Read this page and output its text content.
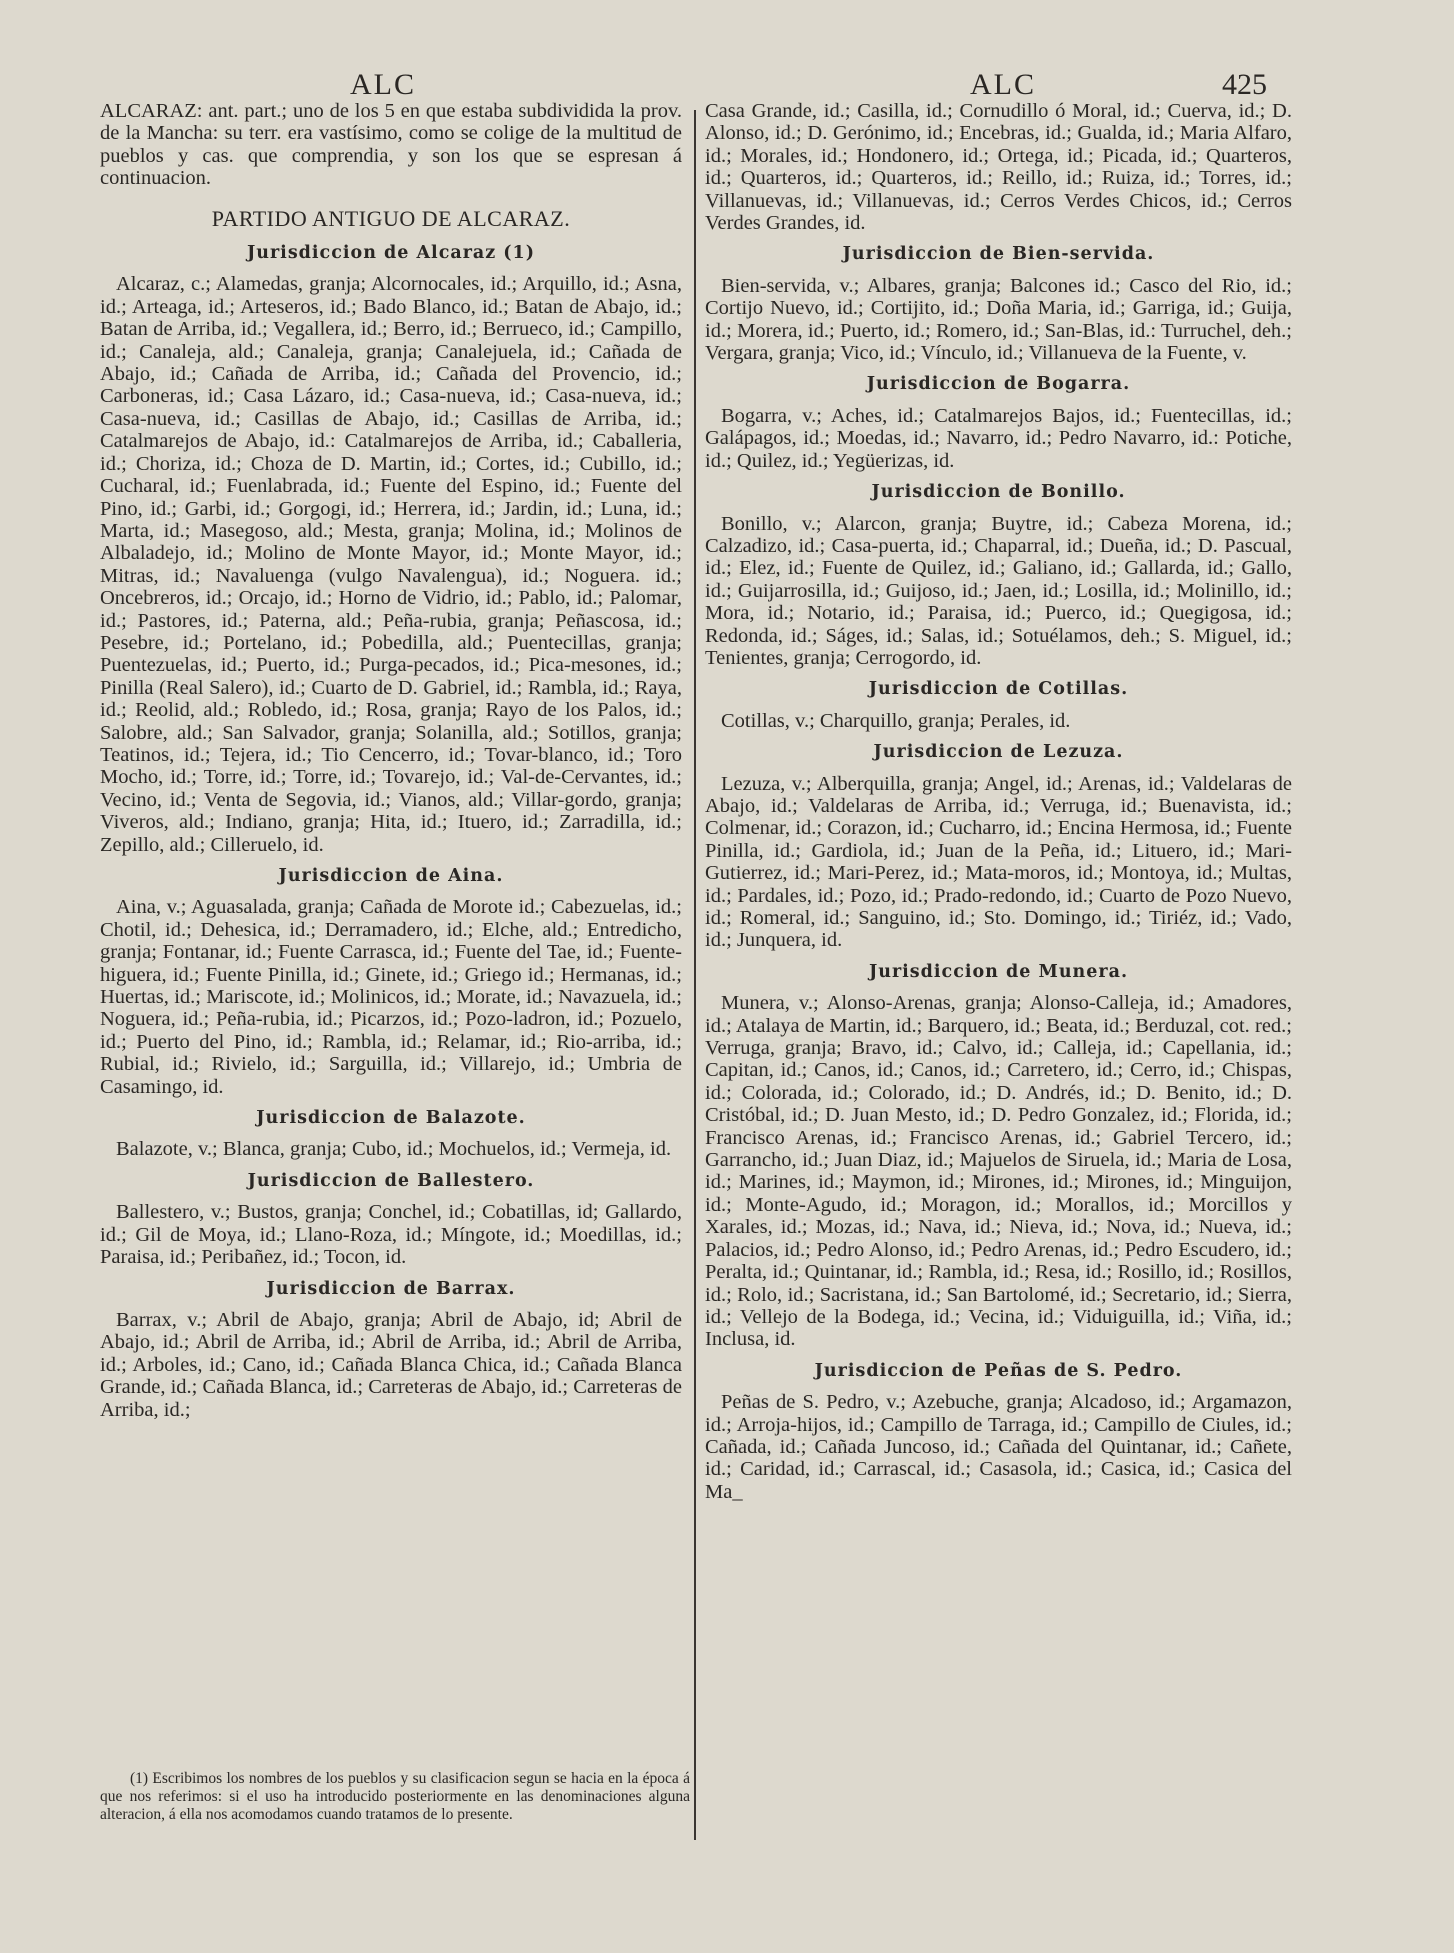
ALC	ALC	425

ALCARAZ: ant. part.; uno de los 5 en que estaba subdividida la prov. de la Mancha: su terr. era vastísimo, como se colige de la multitud de pueblos y cas. que comprendia, y son los que se espresan á continuacion.

PARTIDO ANTIGUO DE ALCARAZ.
Jurisdiccion de Alcaraz (1)

Alcaraz, c.; Alamedas, granja; Alcornocales, id.; Arquillo, id.; Asna, id.; Arteaga, id.; Arteseros, id.; Bado Blanco, id.; Batan de Abajo, id.; Batan de Arriba, id.; Vegallera, id.; Berro, id.; Berrueco, id.; Campillo, id.; Canaleja, ald.; Canaleja, granja; Canalejuela, id.; Cañada de Abajo, id.; Cañada de Arriba, id.; Cañada del Provencio, id.; Carboneras, id.; Casa Lázaro, id.; Casa-nueva, id.; Casa-nueva, id.; Casa-nueva, id.; Casillas de Abajo, id.; Casillas de Arriba, id.; Catalmarejos de Abajo, id.: Catalmarejos de Arriba, id.; Caballeria, id.; Choriza, id.; Choza de D. Martin, id.; Cortes, id.; Cubillo, id.; Cucharal, id.; Fuenlabrada, id.; Fuente del Espino, id.; Fuente del Pino, id.; Garbi, id.; Gorgogi, id.; Herrera, id.; Jardin, id.; Luna, id.; Marta, id.; Masegoso, ald.; Mesta, granja; Molina, id.; Molinos de Albaladejo, id.; Molino de Monte Mayor, id.; Monte Mayor, id.; Mitras, id.; Navaluenga (vulgo Navalengua), id.; Noguera. id.; Oncebreros, id.; Orcajo, id.; Horno de Vidrio, id.; Pablo, id.; Palomar, id.; Pastores, id.; Paterna, ald.; Peña-rubia, granja; Peñascosa, id.; Pesebre, id.; Portelano, id.; Pobedilla, ald.; Puentecillas, granja; Puentezuelas, id.; Puerto, id.; Purga-pecados, id.; Pica-mesones, id.; Pinilla (Real Salero), id.; Cuarto de D. Gabriel, id.; Rambla, id.; Raya, id.; Reolid, ald.; Robledo, id.; Rosa, granja; Rayo de los Palos, id.; Salobre, ald.; San Salvador, granja; Solanilla, ald.; Sotillos, granja; Teatinos, id.; Tejera, id.; Tio Cencerro, id.; Tovar-blanco, id.; Toro Mocho, id.; Torre, id.; Torre, id.; Tovarejo, id.; Val-de-Cervantes, id.; Vecino, id.; Venta de Segovia, id.; Vianos, ald.; Villar-gordo, granja; Viveros, ald.; Indiano, granja; Hita, id.; Ituero, id.; Zarradilla, id.; Zepillo, ald.; Cilleruelo, id.

Jurisdiccion de Aina.

Aina, v.; Aguasalada, granja; Cañada de Morote id.; Cabezuelas, id.; Chotil, id.; Dehesica, id.; Derramadero, id.; Elche, ald.; Entredicho, granja; Fontanar, id.; Fuente Carrasca, id.; Fuente del Tae, id.; Fuente-higuera, id.; Fuente Pinilla, id.; Ginete, id.; Griego id.; Hermanas, id.; Huertas, id.; Mariscote, id.; Molinicos, id.; Morate, id.; Navazuela, id.; Noguera, id.; Peña-rubia, id.; Picarzos, id.; Pozo-ladron, id.; Pozuelo, id.; Puerto del Pino, id.; Rambla, id.; Relamar, id.; Rio-arriba, id.; Rubial, id.; Rivielo, id.; Sarguilla, id.; Villarejo, id.; Umbria de Casamingo, id.

Jurisdiccion de Balazote.

Balazote, v.; Blanca, granja; Cubo, id.; Mochuelos, id.; Vermeja, id.

Jurisdiccion de Ballestero.

Ballestero, v.; Bustos, granja; Conchel, id.; Cobatillas, id; Gallardo, id.; Gil de Moya, id.; Llano-Roza, id.; Míngote, id.; Moedillas, id.; Paraisa, id.; Peribañez, id.; Tocon, id.

Jurisdiccion de Barrax.

Barrax, v.; Abril de Abajo, granja; Abril de Abajo, id; Abril de Abajo, id.; Abril de Arriba, id.; Abril de Arriba, id.; Abril de Arriba, id.; Arboles, id.; Cano, id.; Cañada Blanca Chica, id.; Cañada Blanca Grande, id.; Cañada Blanca, id.; Carreteras de Abajo, id.; Carreteras de Arriba, id.;

Casa Grande, id.; Casilla, id.; Cornudillo ó Moral, id.; Cuerva, id.; D. Alonso, id.; D. Gerónimo, id.; Encebras, id.; Gualda, id.; Maria Alfaro, id.; Morales, id.; Hondonero, id.; Ortega, id.; Picada, id.; Quarteros, id.; Quarteros, id.; Quarteros, id.; Reillo, id.; Ruiza, id.; Torres, id.; Villanuevas, id.; Villanuevas, id.; Cerros Verdes Chicos, id.; Cerros Verdes Grandes, id.

Jurisdiccion de Bien-servida.

Bien-servida, v.; Albares, granja; Balcones id.; Casco del Rio, id.; Cortijo Nuevo, id.; Cortijito, id.; Doña Maria, id.; Garriga, id.; Guija, id.; Morera, id.; Puerto, id.; Romero, id.; San-Blas, id.: Turruchel, deh.; Vergara, granja; Vico, id.; Vínculo, id.; Villanueva de la Fuente, v.

Jurisdiccion de Bogarra.

Bogarra, v.; Aches, id.; Catalmarejos Bajos, id.; Fuentecillas, id.; Galápagos, id.; Moedas, id.; Navarro, id.; Pedro Navarro, id.: Potiche, id.; Quilez, id.; Yegüerizas, id.

Jurisdiccion de Bonillo.

Bonillo, v.; Alarcon, granja; Buytre, id.; Cabeza Morena, id.; Calzadizo, id.; Casa-puerta, id.; Chaparral, id.; Dueña, id.; D. Pascual, id.; Elez, id.; Fuente de Quilez, id.; Galiano, id.; Gallarda, id.; Gallo, id.; Guijarrosilla, id.; Guijoso, id.; Jaen, id.; Losilla, id.; Molinillo, id.; Mora, id.; Notario, id.; Paraisa, id.; Puerco, id.; Quegigosa, id.; Redonda, id.; Ságes, id.; Salas, id.; Sotuélamos, deh.; S. Miguel, id.; Tenientes, granja; Cerrogordo, id.

Jurisdiccion de Cotillas.

Cotillas, v.; Charquillo, granja; Perales, id.

Jurisdiccion de Lezuza.

Lezuza, v.; Alberquilla, granja; Angel, id.; Arenas, id.; Valdelaras de Abajo, id.; Valdelaras de Arriba, id.; Verruga, id.; Buenavista, id.; Colmenar, id.; Corazon, id.; Cucharro, id.; Encina Hermosa, id.; Fuente Pinilla, id.; Gardiola, id.; Juan de la Peña, id.; Lituero, id.; Mari-Gutierrez, id.; Mari-Perez, id.; Mata-moros, id.; Montoya, id.; Multas, id.; Pardales, id.; Pozo, id.; Prado-redondo, id.; Cuarto de Pozo Nuevo, id.; Romeral, id.; Sanguino, id.; Sto. Domingo, id.; Tiriéz, id.; Vado, id.; Junquera, id.

Jurisdiccion de Munera.

Munera, v.; Alonso-Arenas, granja; Alonso-Calleja, id.; Amadores, id.; Atalaya de Martin, id.; Barquero, id.; Beata, id.; Berduzal, cot. red.; Verruga, granja; Bravo, id.; Calvo, id.; Calleja, id.; Capellania, id.; Capitan, id.; Canos, id.; Canos, id.; Carretero, id.; Cerro, id.; Chispas, id.; Colorada, id.; Colorado, id.; D. Andrés, id.; D. Benito, id.; D. Cristóbal, id.; D. Juan Mesto, id.; D. Pedro Gonzalez, id.; Florida, id.; Francisco Arenas, id.; Francisco Arenas, id.; Gabriel Tercero, id.; Garrancho, id.; Juan Diaz, id.; Majuelos de Siruela, id.; Maria de Losa, id.; Marines, id.; Maymon, id.; Mirones, id.; Mirones, id.; Minguijon, id.; Monte-Agudo, id.; Moragon, id.; Morallos, id.; Morcillos y Xarales, id.; Mozas, id.; Nava, id.; Nieva, id.; Nova, id.; Nueva, id.; Palacios, id.; Pedro Alonso, id.; Pedro Arenas, id.; Pedro Escudero, id.; Peralta, id.; Quintanar, id.; Rambla, id.; Resa, id.; Rosillo, id.; Rosillos, id.; Rolo, id.; Sacristana, id.; San Bartolomé, id.; Secretario, id.; Sierra, id.; Vellejo de la Bodega, id.; Vecina, id.; Viduiguilla, id.; Viña, id.; Inclusa, id.

Jurisdiccion de Peñas de S. Pedro.

Peñas de S. Pedro, v.; Azebuche, granja; Alcadoso, id.; Argamazon, id.; Arroja-hijos, id.; Campillo de Tarraga, id.; Campillo de Ciules, id.; Cañada, id.; Cañada Juncoso, id.; Cañada del Quintanar, id.; Cañete, id.; Caridad, id.; Carrascal, id.; Casasola, id.; Casica, id.; Casica del Ma_

(1) Escribimos los nombres de los pueblos y su clasificacion segun se hacia en la época á que nos referimos: si el uso ha introducido posteriormente en las denominaciones alguna alteracion, á ella nos acomodamos cuando tratamos de lo presente.
